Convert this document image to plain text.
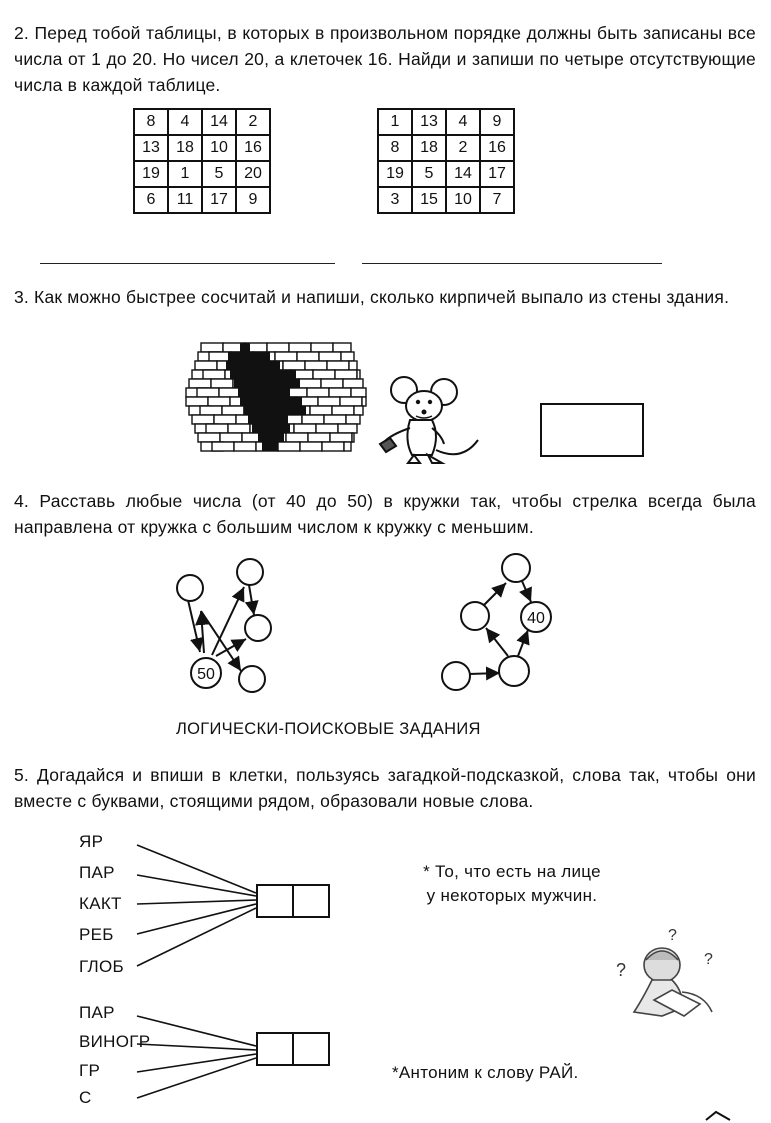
2. Перед тобой таблицы, в которых в произвольном порядке должны быть записаны все числа от 1 до 20. Но чисел 20, а клеточек 16. Найди и запиши по четыре отсутствующие числа в каждой таблице.

8	4	14	2
13	18	10	16
19	1	5	20
6	11	17	9
1	13	4	9
8	18	2	16
19	5	14	17
3	15	10	7

3. Как можно быстрее сосчитай и напиши, сколько кирпичей выпало из стены здания.

4. Расставь любые числа (от 40 до 50) в кружки так, чтобы стрелка всегда была направлена от кружка с большим числом к кружку с меньшим.

50
40
ЛОГИЧЕСКИ-ПОИСКОВЫЕ ЗАДАНИЯ

5. Догадайся и впиши в клетки, пользуясь загадкой-подсказкой, слова так, чтобы они вместе с буквами, стоящими рядом, образовали новые слова.

ЯР
ПАР
КАКТ
РЕБ
ГЛОБ
* То, что есть на лице
у некоторых мужчин.
ПАР
ВИНОГР
ГР
С
*Антоним к слову РАЙ.
?
?
?
